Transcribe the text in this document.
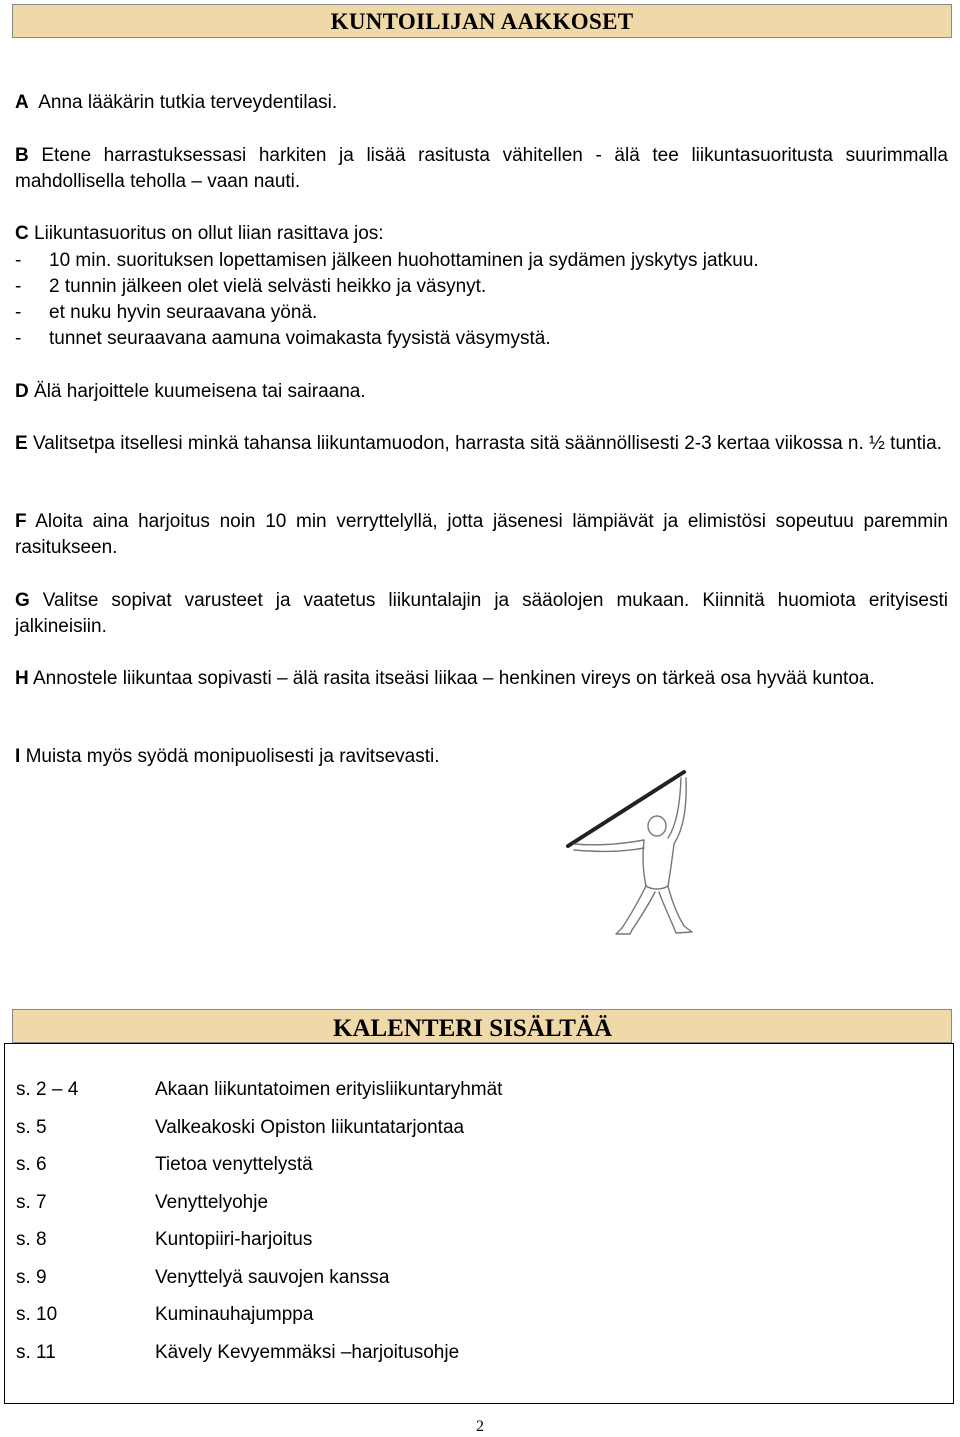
KUNTOILIJAN AAKKOSET
A Anna lääkärin tutkia terveydentilasi.
B Etene harrastuksessasi harkiten ja lisää rasitusta vähitellen - älä tee liikuntasuoritusta suurimmalla mahdollisella teholla – vaan nauti.
C Liikuntasuoritus on ollut liian rasittava jos:
- 10 min. suorituksen lopettamisen jälkeen huohottaminen ja sydämen jyskytys jatkuu.
- 2 tunnin jälkeen olet vielä selvästi heikko ja väsynyt.
- et nuku hyvin seuraavana yönä.
- tunnet seuraavana aamuna voimakasta fyysistä väsymystä.
D Älä harjoittele kuumeisena tai sairaana.
E Valitsetpa itsellesi minkä tahansa liikuntamuodon, harrasta sitä säännöllisesti 2-3 kertaa viikossa n. ½ tuntia.
F Aloita aina harjoitus noin 10 min verryttelyllä, jotta jäsenesi lämpiävät ja elimistösi sopeutuu paremmin rasitukseen.
G Valitse sopivat varusteet ja vaatetus liikuntalajin ja sääolojen mukaan. Kiinnitä huomiota erityisesti jalkineisiin.
H Annostele liikuntaa sopivasti – älä rasita itseäsi liikaa – henkinen vireys on tärkeä osa hyvää kuntoa.
I Muista myös syödä monipuolisesti ja ravitsevasti.
KALENTERI SISÄLTÄÄ
s. 2 – 4	Akaan liikuntatoimen erityisliikuntaryhmät
s. 5	Valkeakoski Opiston liikuntatarjontaa
s. 6	Tietoa venyttelystä
s. 7	Venyttelyohje
s. 8	Kuntopiiri-harjoitus
s. 9	Venyttelyä sauvojen kanssa
s. 10	Kuminauhajumppa
s. 11	Kävely Kevyemmäksi –harjoitusohje
2
